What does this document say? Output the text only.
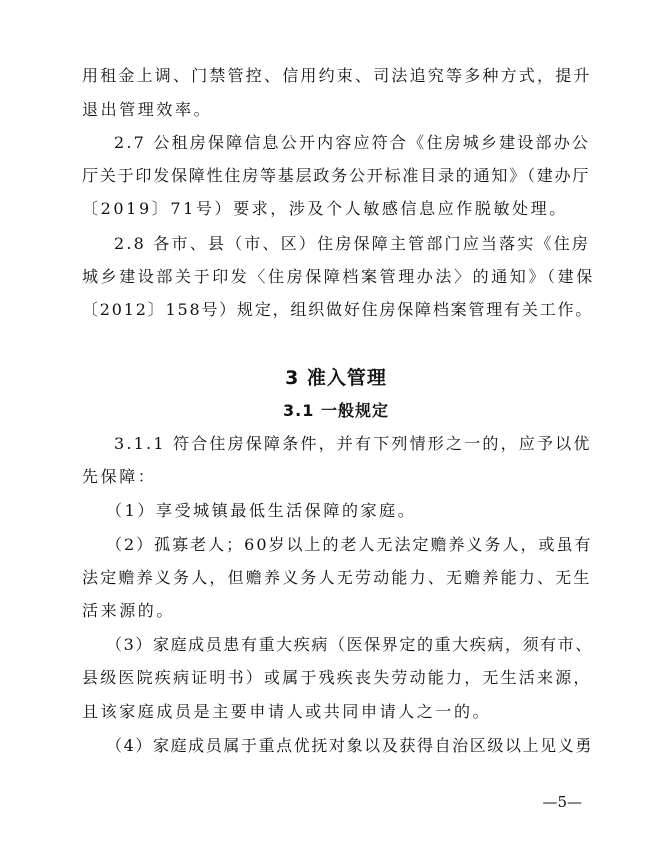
用租金上调、门禁管控、信用约束、司法追究等多种方式，提升
退出管理效率。
2.7 公租房保障信息公开内容应符合《住房城乡建设部办公
厅关于印发保障性住房等基层政务公开标准目录的通知》（建办厅
〔2019〕71号）要求，涉及个人敏感信息应作脱敏处理。
2.8 各市、县（市、区）住房保障主管部门应当落实《住房
城乡建设部关于印发〈住房保障档案管理办法〉的通知》（建保
〔2012〕158号）规定，组织做好住房保障档案管理有关工作。
3 准入管理
3.1 一般规定
3.1.1 符合住房保障条件，并有下列情形之一的，应予以优
先保障：
（1）享受城镇最低生活保障的家庭。
（2）孤寡老人；60岁以上的老人无法定赡养义务人，或虽有
法定赡养义务人，但赡养义务人无劳动能力、无赡养能力、无生
活来源的。
（3）家庭成员患有重大疾病（医保界定的重大疾病，须有市、
县级医院疾病证明书）或属于残疾丧失劳动能力，无生活来源，
且该家庭成员是主要申请人或共同申请人之一的。
（4）家庭成员属于重点优抚对象以及获得自治区级以上见义勇
—5—
